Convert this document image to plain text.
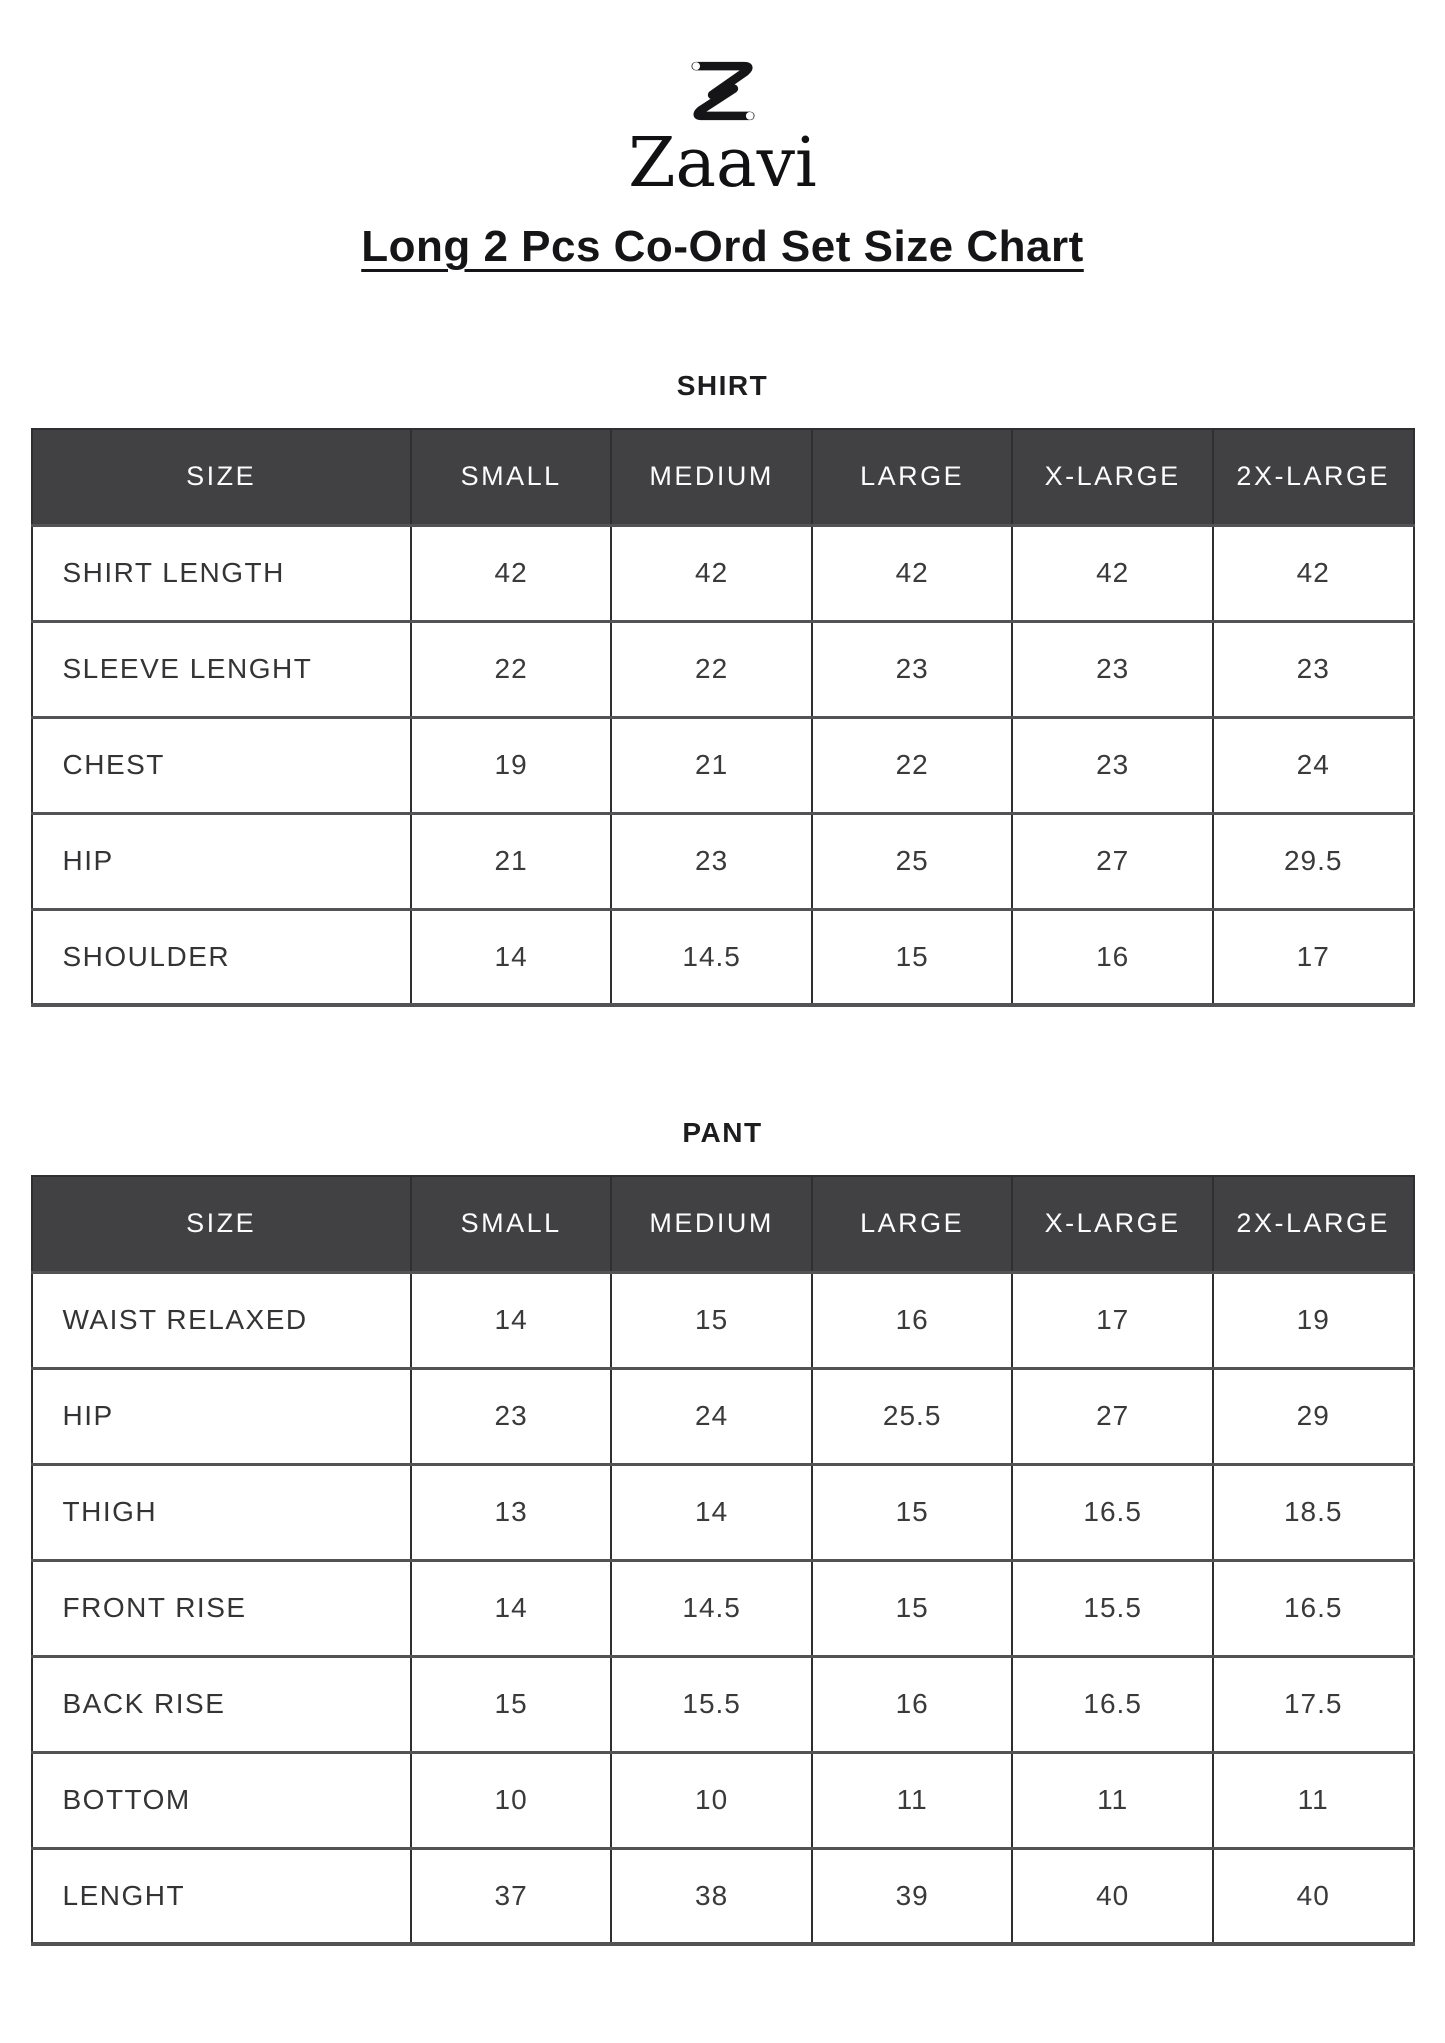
Zaavi
Long 2 Pcs Co-Ord Set Size Chart
SHIRT
SIZE	SMALL	MEDIUM	LARGE	X-LARGE	2X-LARGE
SHIRT LENGTH	42	42	42	42	42
SLEEVE LENGHT	22	22	23	23	23
CHEST	19	21	22	23	24
HIP	21	23	25	27	29.5
SHOULDER	14	14.5	15	16	17
PANT
SIZE	SMALL	MEDIUM	LARGE	X-LARGE	2X-LARGE
WAIST RELAXED	14	15	16	17	19
HIP	23	24	25.5	27	29
THIGH	13	14	15	16.5	18.5
FRONT RISE	14	14.5	15	15.5	16.5
BACK RISE	15	15.5	16	16.5	17.5
BOTTOM	10	10	11	11	11
LENGHT	37	38	39	40	40
